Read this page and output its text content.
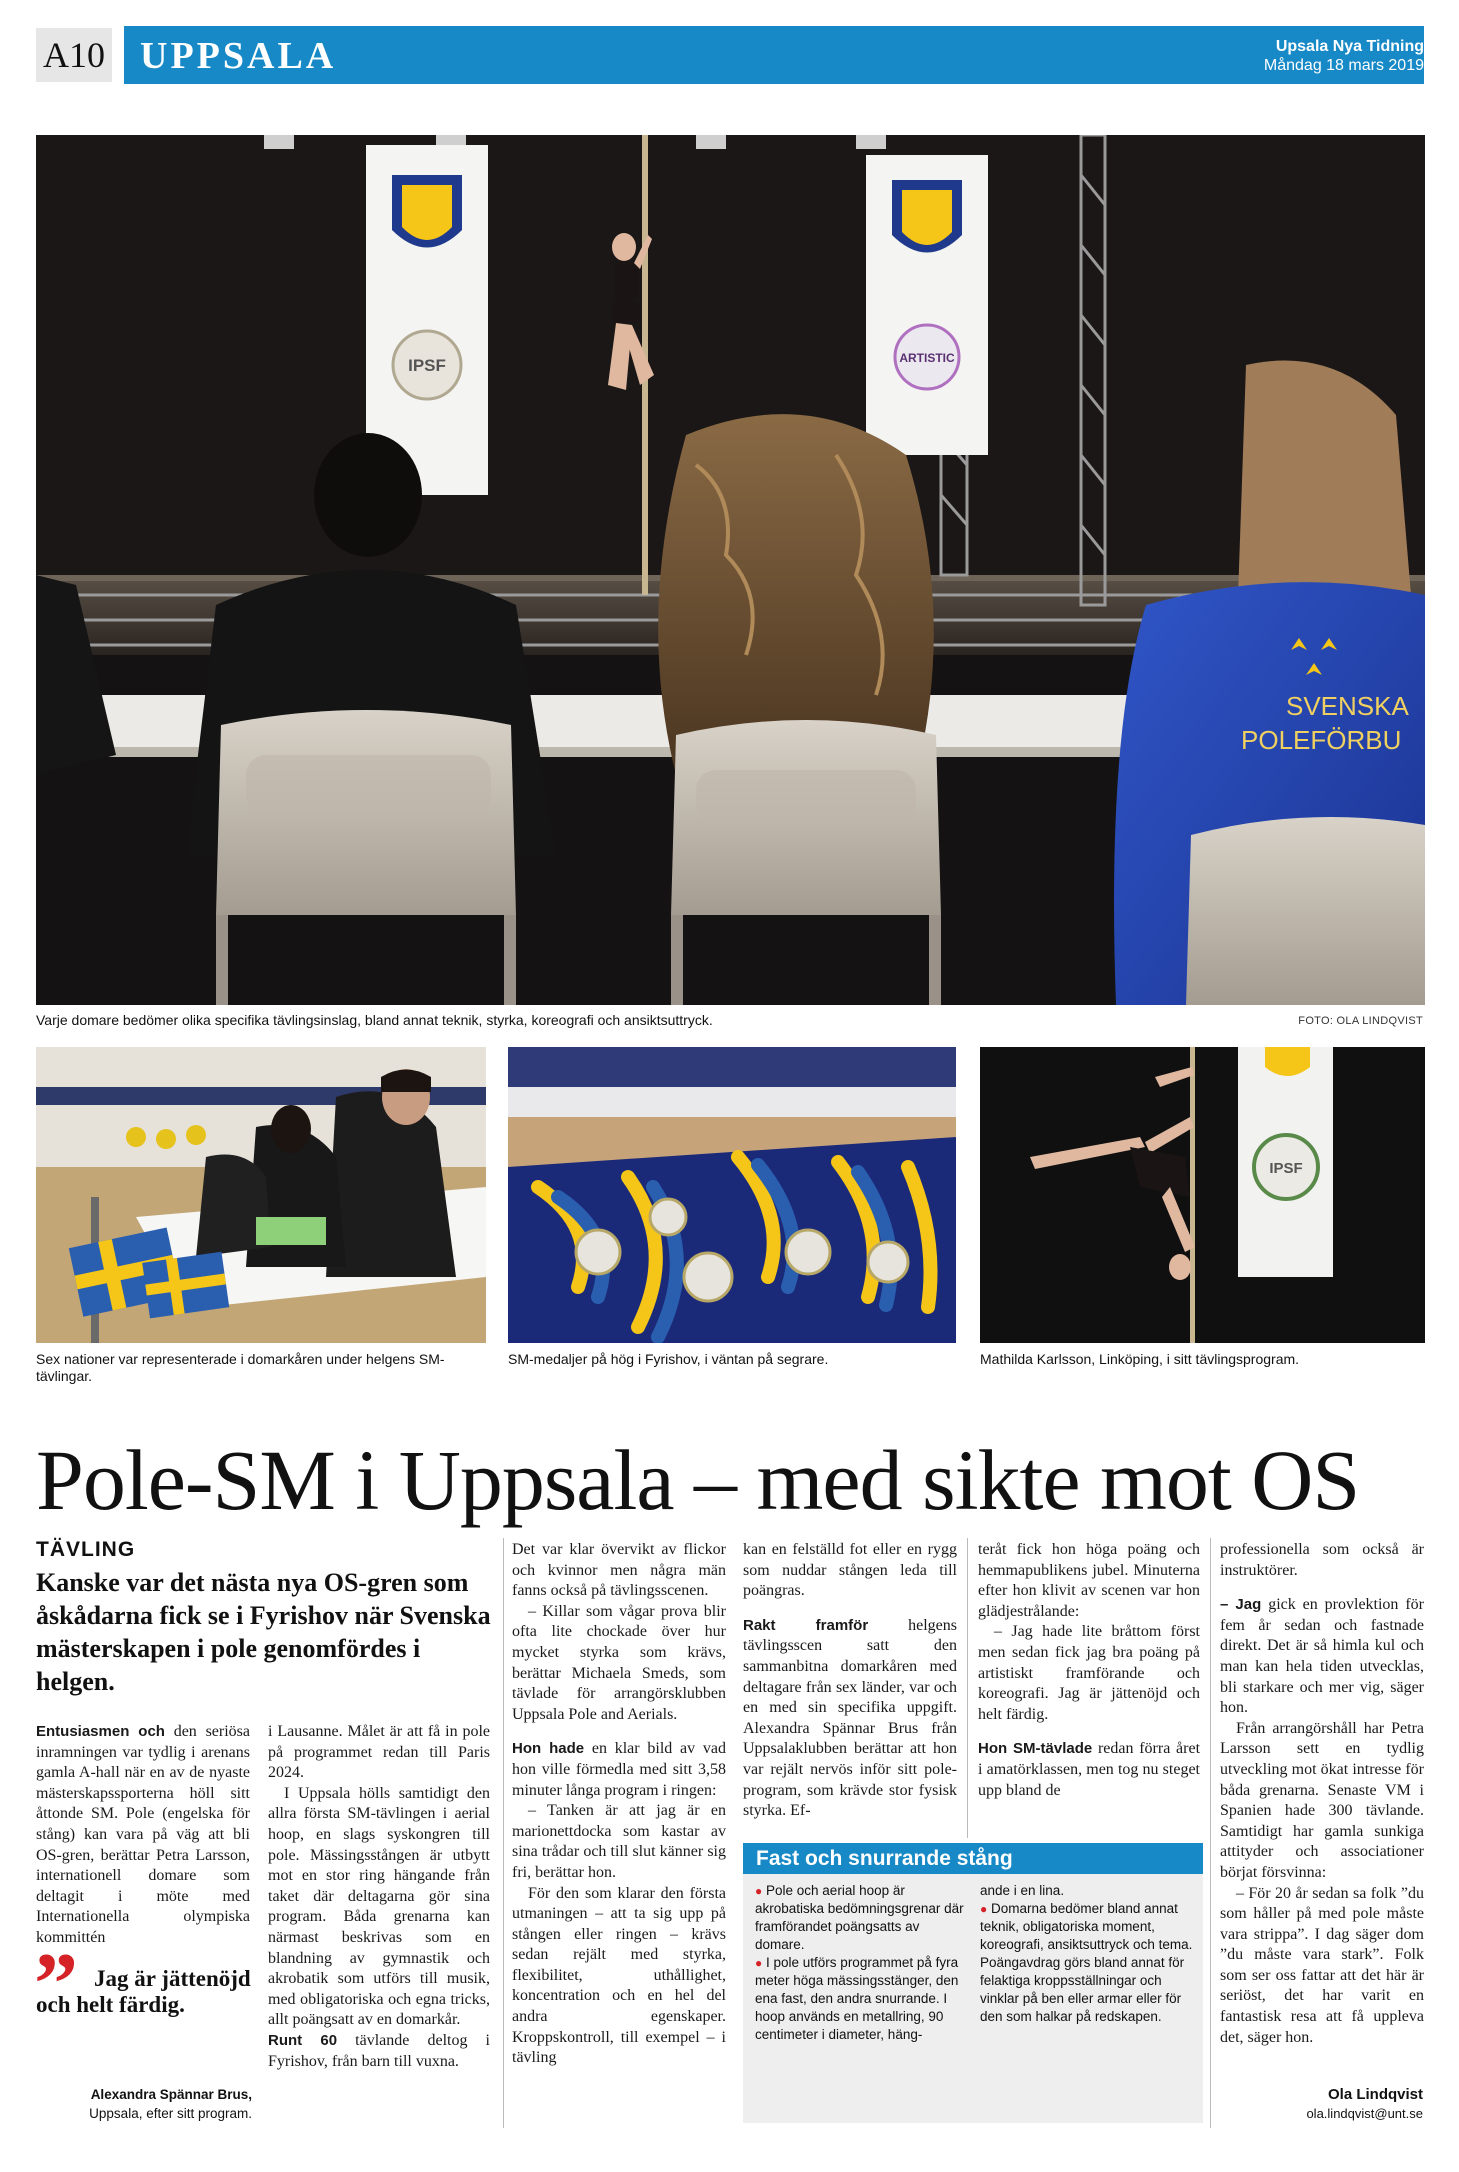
A10 UPPSALA	Upsala Nya Tidning
Måndag 18 mars 2019
IPSF	ARTISTIC
SVENSKA
POLEFÖRBU
Varje domare bedömer olika specifika tävlingsinslag, bland annat teknik, styrka, koreografi och ansiktsuttryck.	FOTO: OLA LINDQVIST
Sex nationer var representerade i domarkåren under helgens SM-tävlingar.
SM-medaljer på hög i Fyrishov, i väntan på segrare.
IPSF
Mathilda Karlsson, Linköping, i sitt tävlingsprogram.
Pole-SM i Uppsala – med sikte mot OS
TÄVLING
Kanske var det nästa nya OS-gren som åskådarna fick se i Fyrishov när Svenska mästerskapen i pole genomfördes i helgen.

Entusiasmen och den seriösa inramningen var tydlig i arenans gamla A-hall när en av de nyaste mästerskapssporterna höll sitt åttonde SM. Pole (engelska för stång) kan vara på väg att bli OS-gren, berättar Petra Larsson, internationell domare som deltagit i möte med Internationella olympiska kommittén

”	Jag är jättenöjd och helt färdig.
Alexandra Spännar Brus,
Uppsala, efter sitt program.

i Lausanne. Målet är att få in pole på programmet redan till Paris 2024.

I Uppsala hölls samtidigt den allra första SM-tävlingen i aerial hoop, en slags syskongren till pole. Mässingsstången är utbytt mot en stor ring hängande från taket där deltagarna gör sina program. Båda grenarna kan närmast beskrivas som en blandning av gymnastik och akrobatik som utförs till musik, med obligatoriska och egna tricks, allt poängsatt av en domarkår.

Runt 60 tävlande deltog i Fyrishov, från barn till vuxna.

Det var klar övervikt av flickor och kvinnor men några män fanns också på tävlingsscenen.

– Killar som vågar prova blir ofta lite chockade över hur mycket styrka som krävs, berättar Michaela Smeds, som tävlade för arrangörsklubben Uppsala Pole and Aerials.

Hon hade en klar bild av vad hon ville förmedla med sitt 3,58 minuter långa program i ringen:

– Tanken är att jag är en marionettdocka som kastar av sina trådar och till slut känner sig fri, berättar hon.

För den som klarar den första utmaningen – att ta sig upp på stången eller ringen – krävs sedan rejält med styrka, flexibilitet, uthållighet, koncentration och en hel del andra egenskaper. Kroppskontroll, till exempel – i tävling

kan en felställd fot eller en rygg som nuddar stången leda till poängras.

Rakt framför helgens tävlingsscen satt den sammanbitna domarkåren med deltagare från sex länder, var och en med sin specifika uppgift. Alexandra Spännar Brus från Uppsalaklubben berättar att hon var rejält nervös inför sitt pole-program, som krävde stor fysisk styrka. Ef-

teråt fick hon höga poäng och hemmapublikens jubel. Minuterna efter hon klivit av scenen var hon glädjestrålande:

– Jag hade lite bråttom först men sedan fick jag bra poäng på artistiskt framförande och koreografi. Jag är jättenöjd och helt färdig.

Hon SM-tävlade redan förra året i amatörklassen, men tog nu steget upp bland de

professionella som också är instruktörer.

– Jag gick en provlektion för fem år sedan och fastnade direkt. Det är så himla kul och man kan hela tiden utvecklas, bli starkare och mer vig, säger hon.

Från arrangörshåll har Petra Larsson sett en tydlig utveckling mot ökat intresse för båda grenarna. Senaste VM i Spanien hade 300 tävlande. Samtidigt har gamla sunkiga attityder och associationer börjat försvinna:

– För 20 år sedan sa folk ”du som håller på med pole måste vara strippa”. I dag säger dom ”du måste vara stark”. Folk som ser oss fattar att det här är seriöst, det har varit en fantastisk resa att få uppleva det, säger hon.

Fast och snurrande stång

● Pole och aerial hoop är akrobatiska bedömningsgrenar där framförandet poängsatts av domare.

● I pole utförs programmet på fyra meter höga mässingsstänger, den ena fast, den andra snurrande. I hoop används en metallring, 90 centimeter i diameter, häng-

ande i en lina.

● Domarna bedömer bland annat teknik, obligatoriska moment, koreografi, ansiktsuttryck och tema. Poängavdrag görs bland annat för felaktiga kroppsställningar och vinklar på ben eller armar eller för den som halkar på redskapen.

Ola Lindqvist
ola.lindqvist@unt.se
